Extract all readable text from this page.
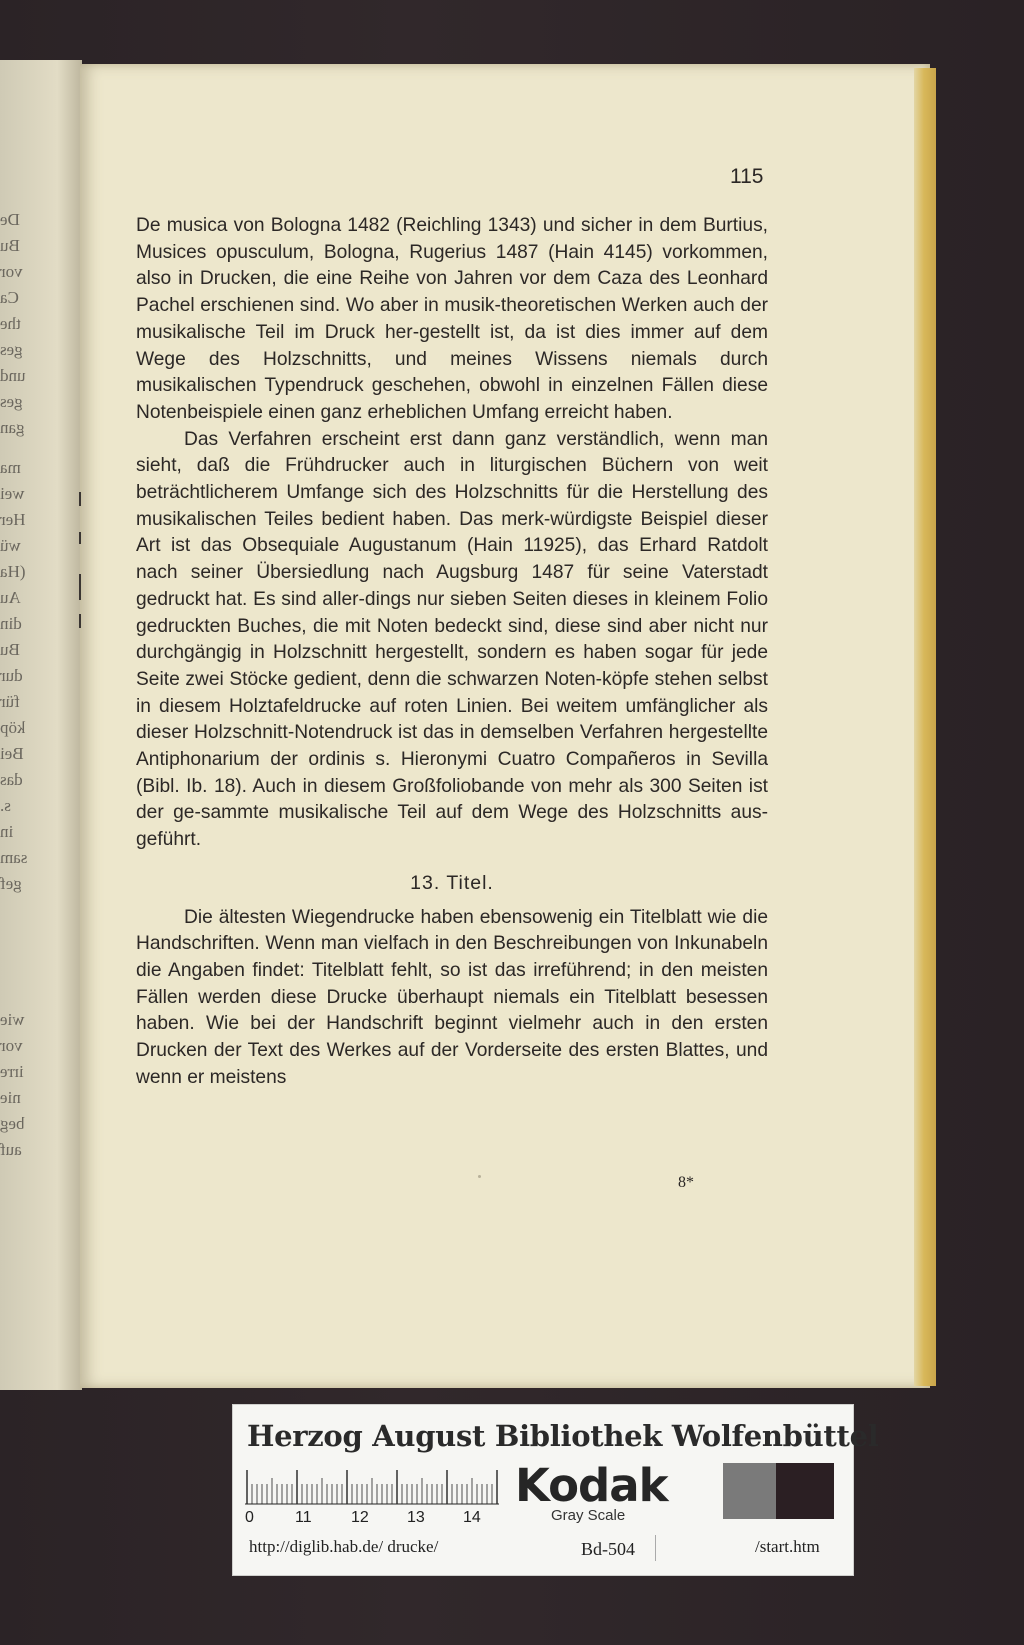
De
Bu
vor
Ca
the
ges
und
ges
gan
ma
wei
Her
wü
(Ha
Au
din
Bu
dur
für
köp
Bei
das
s.
in
sam
gef
wie
vor
irre
nie
beg
auf
115

De musica von Bologna 1482 (Reichling 1343) und sicher in dem Burtius, Musices opusculum, Bologna, Rugerius 1487 (Hain 4145) vorkommen, also in Drucken, die eine Reihe von Jahren vor dem Caza des Leonhard Pachel erschienen sind. Wo aber in musik-theoretischen Werken auch der musikalische Teil im Druck her-gestellt ist, da ist dies immer auf dem Wege des Holzschnitts, und meines Wissens niemals durch musikalischen Typendruck geschehen, obwohl in einzelnen Fällen diese Notenbeispiele einen ganz erheblichen Umfang erreicht haben.

Das Verfahren erscheint erst dann ganz verständlich, wenn man sieht, daß die Frühdrucker auch in liturgischen Büchern von weit beträchtlicherem Umfange sich des Holzschnitts für die Herstellung des musikalischen Teiles bedient haben. Das merk-würdigste Beispiel dieser Art ist das Obsequiale Augustanum (Hain 11925), das Erhard Ratdolt nach seiner Übersiedlung nach Augsburg 1487 für seine Vaterstadt gedruckt hat. Es sind aller-dings nur sieben Seiten dieses in kleinem Folio gedruckten Buches, die mit Noten bedeckt sind, diese sind aber nicht nur durchgängig in Holzschnitt hergestellt, sondern es haben sogar für jede Seite zwei Stöcke gedient, denn die schwarzen Noten-köpfe stehen selbst in diesem Holztafeldrucke auf roten Linien. Bei weitem umfänglicher als dieser Holzschnitt-Notendruck ist das in demselben Verfahren hergestellte Antiphonarium der ordinis s. Hieronymi Cuatro Compañeros in Sevilla (Bibl. Ib. 18). Auch in diesem Großfoliobande von mehr als 300 Seiten ist der ge-sammte musikalische Teil auf dem Wege des Holzschnitts aus-geführt.

13. Titel.

Die ältesten Wiegendrucke haben ebensowenig ein Titelblatt wie die Handschriften. Wenn man vielfach in den Beschreibungen von Inkunabeln die Angaben findet: Titelblatt fehlt, so ist das irreführend; in den meisten Fällen werden diese Drucke überhaupt niemals ein Titelblatt besessen haben. Wie bei der Handschrift beginnt vielmehr auch in den ersten Drucken der Text des Werkes auf der Vorderseite des ersten Blattes, und wenn er meistens

8*
Herzog August Bibliothek Wolfenbüttel
0	11 12 13 14
Kodak
Gray Scale
http://diglib.hab.de/ drucke/	Bd-504	/start.htm
